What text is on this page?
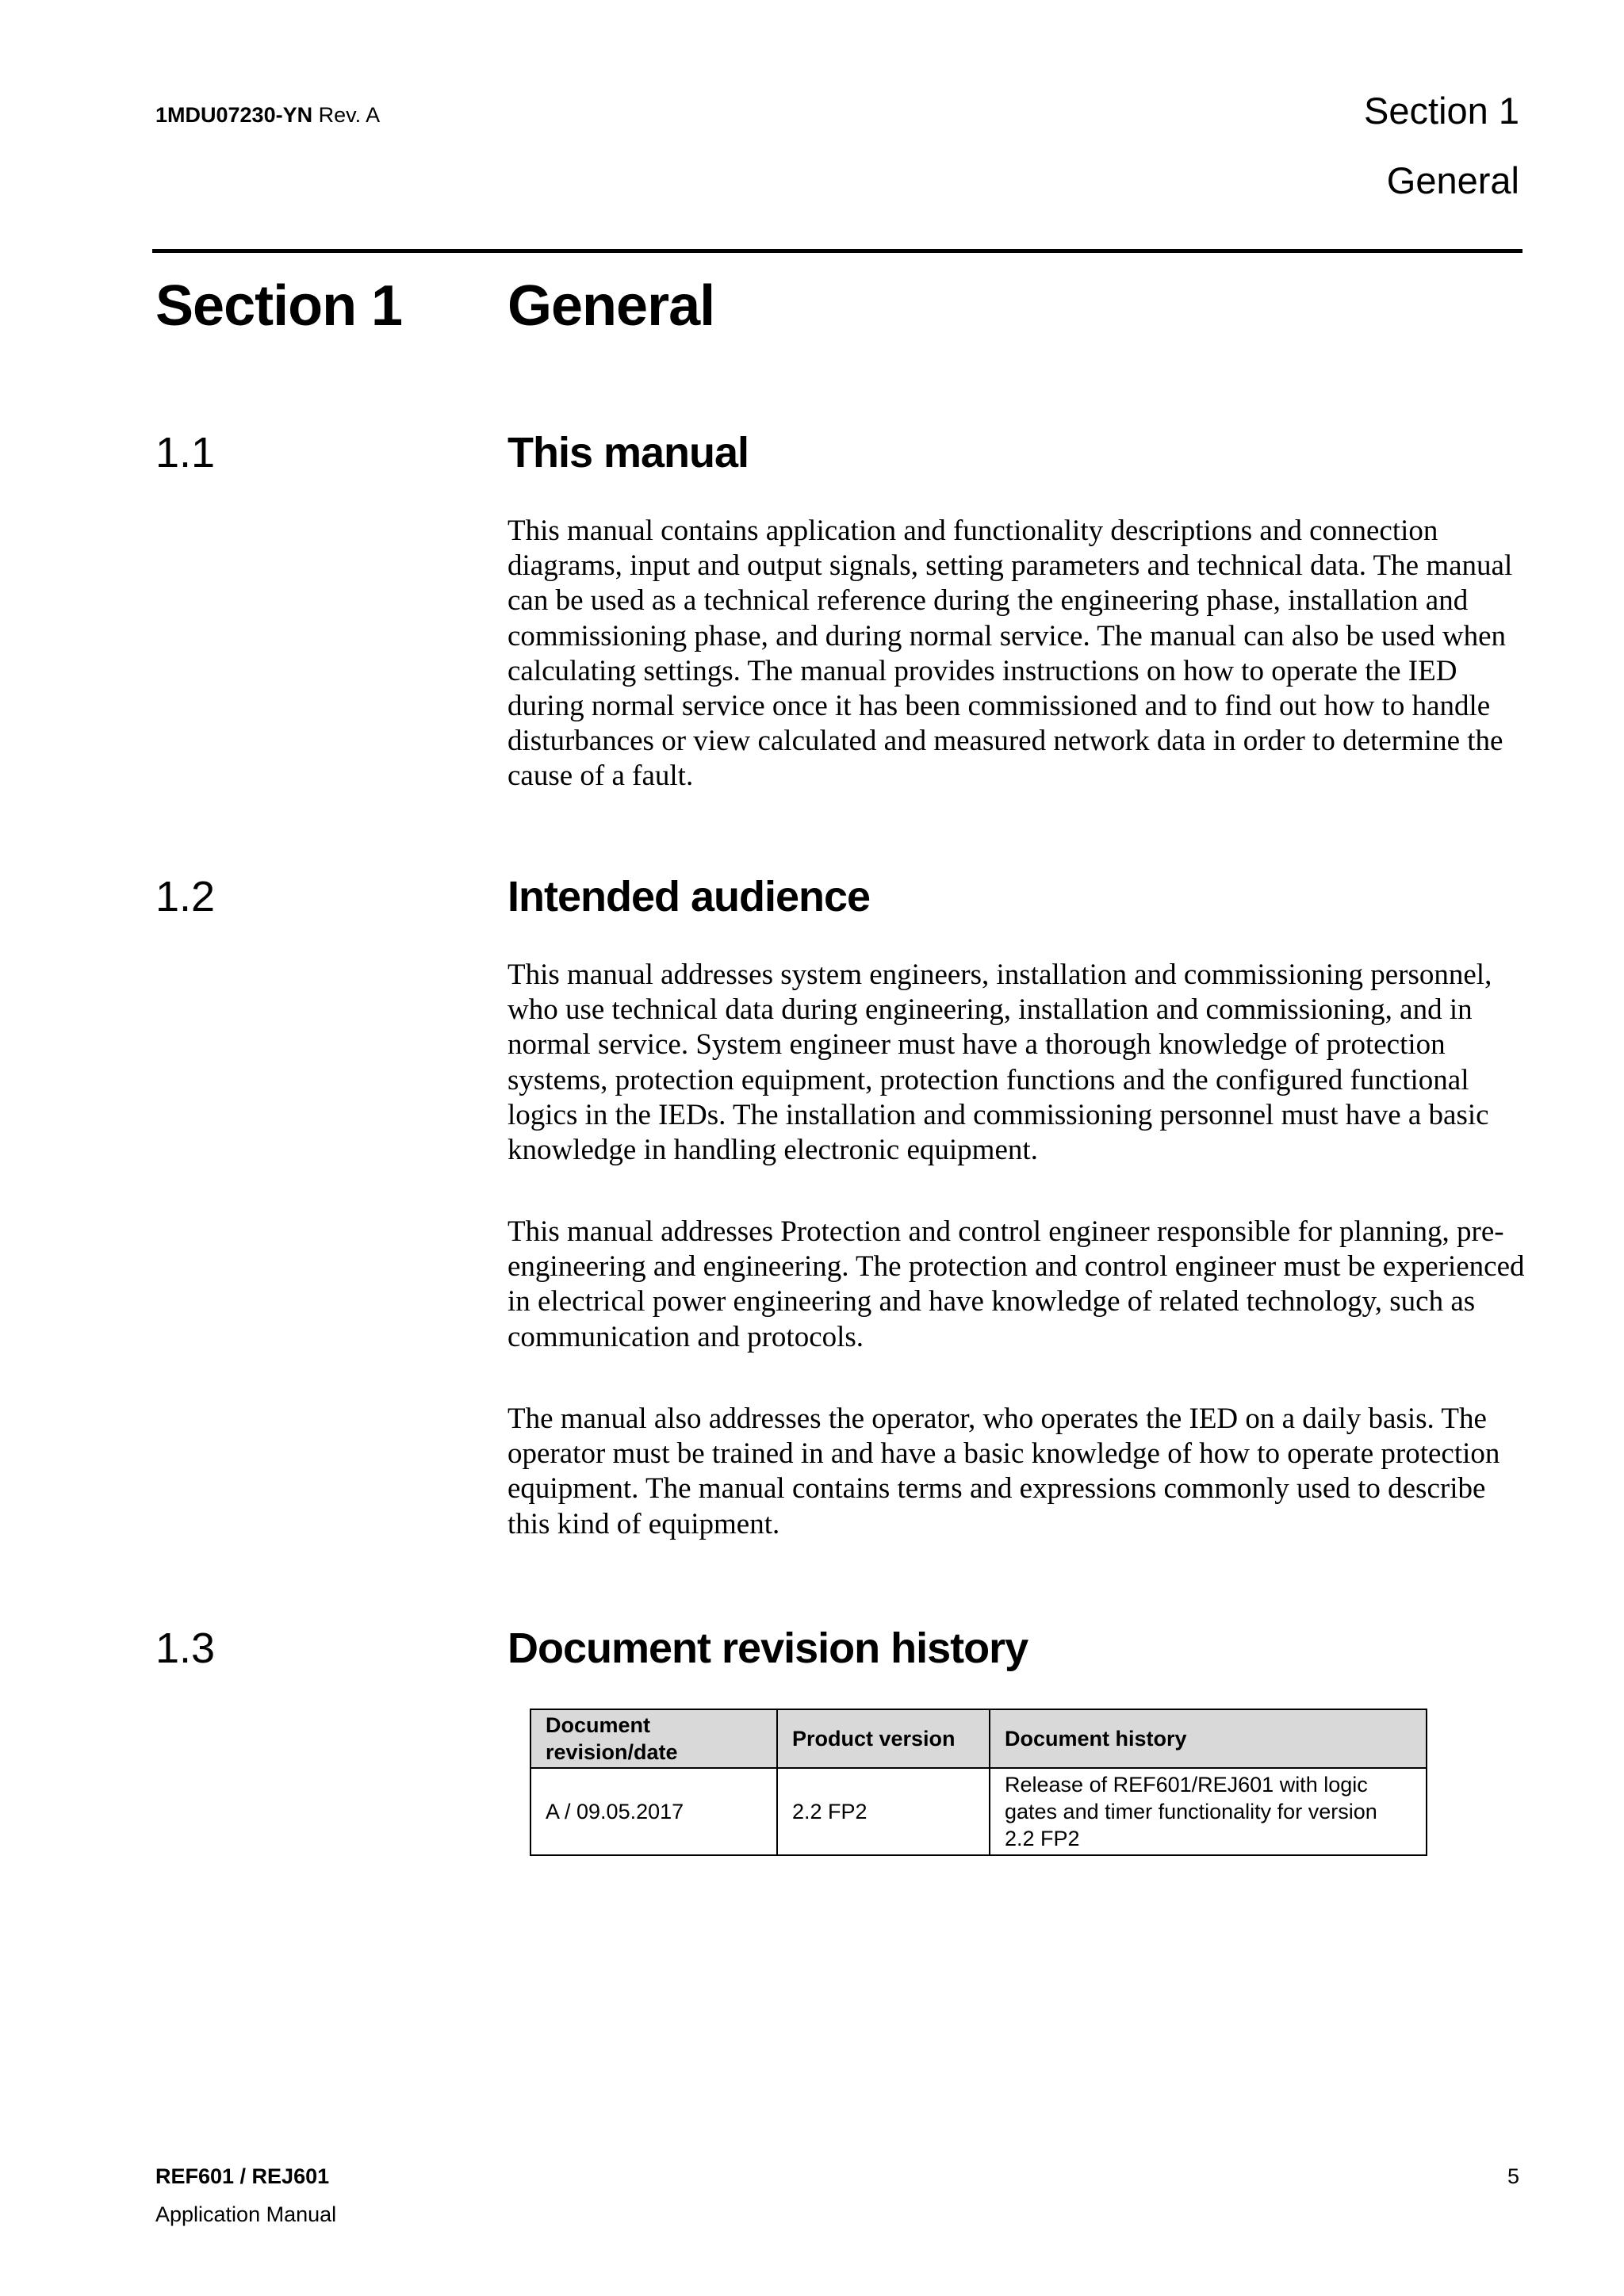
1MDU07230-YN Rev. A	Section 1
General
Section 1 General
1.1	This manual

This manual contains application and functionality descriptions and connection diagrams, input and output signals, setting parameters and technical data. The manual can be used as a technical reference during the engineering phase, installation and commissioning phase, and during normal service. The manual can also be used when calculating settings. The manual provides instructions on how to operate the IED during normal service once it has been commissioned and to find out how to handle disturbances or view calculated and measured network data in order to determine the cause of a fault.

1.2	Intended audience

This manual addresses system engineers, installation and commissioning personnel, who use technical data during engineering, installation and commissioning, and in normal service. System engineer must have a thorough knowledge of protection systems, protection equipment, protection functions and the configured functional logics in the IEDs. The installation and commissioning personnel must have a basic knowledge in handling electronic equipment.

This manual addresses Protection and control engineer responsible for planning, pre-engineering and engineering. The protection and control engineer must be experienced in electrical power engineering and have knowledge of related technology, such as communication and protocols.

The manual also addresses the operator, who operates the IED on a daily basis. The operator must be trained in and have a basic knowledge of how to operate protection equipment. The manual contains terms and expressions commonly used to describe this kind of equipment.

1.3	Document revision history
Document revision/date	Product version	Document history
A / 09.05.2017	2.2 FP2	Release of REF601/REJ601 with logic gates and timer functionality for version 2.2 FP2
REF601 / REJ601
Application Manual
5
